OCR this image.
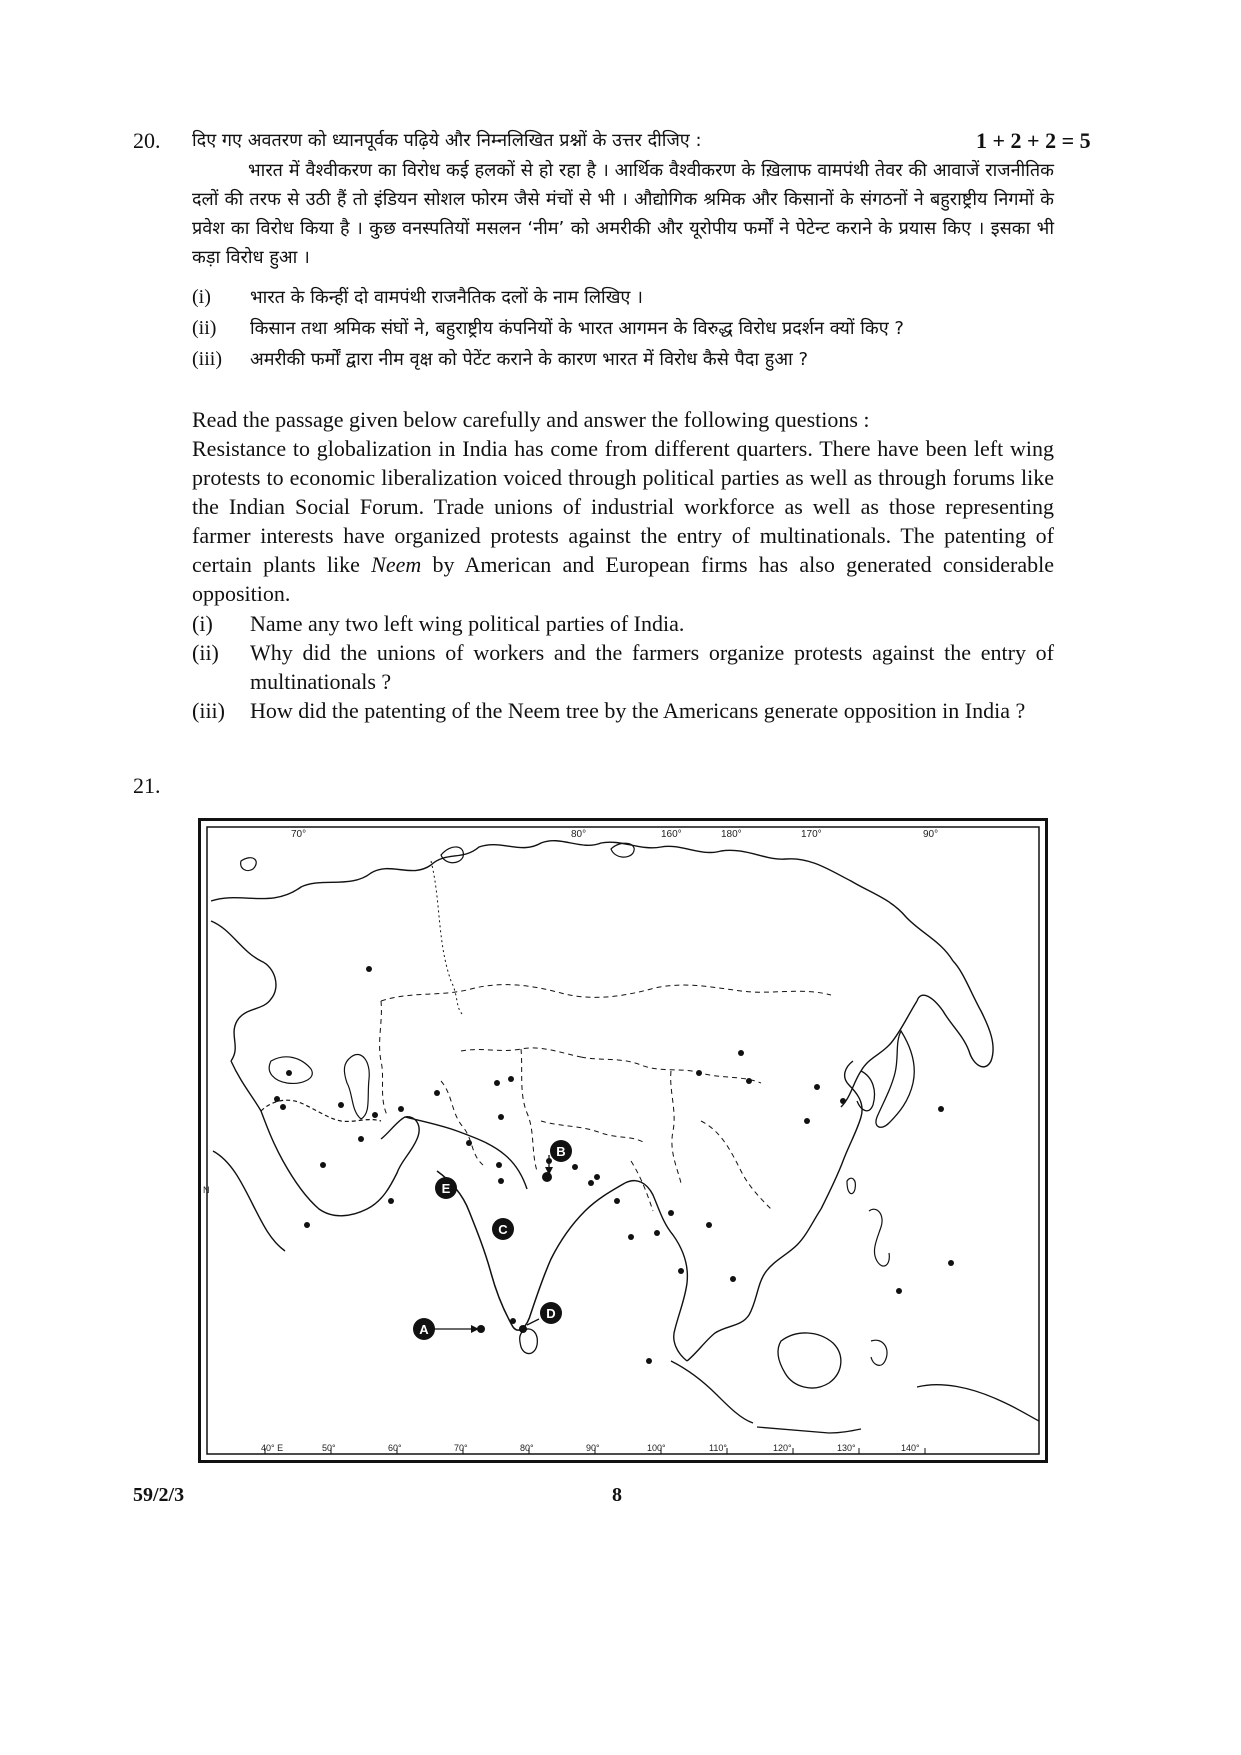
20.	1 + 2 + 2 = 5
दिए गए अवतरण को ध्यानपूर्वक पढ़िये और निम्नलिखित प्रश्नों के उत्तर दीजिए :

भारत में वैश्वीकरण का विरोध कई हलकों से हो रहा है । आर्थिक वैश्वीकरण के ख़िलाफ वामपंथी तेवर की आवाजें राजनीतिक दलों की तरफ से उठी हैं तो इंडियन सोशल फोरम जैसे मंचों से भी । औद्योगिक श्रमिक और किसानों के संगठनों ने बहुराष्ट्रीय निगमों के प्रवेश का विरोध किया है । कुछ वनस्पतियों मसलन ‘नीम’ को अमरीकी और यूरोपीय फर्मों ने पेटेन्ट कराने के प्रयास किए । इसका भी कड़ा विरोध हुआ ।

(i)	भारत के किन्हीं दो वामपंथी राजनैतिक दलों के नाम लिखिए ।
(ii)	किसान तथा श्रमिक संघों ने, बहुराष्ट्रीय कंपनियों के भारत आगमन के विरुद्ध विरोध प्रदर्शन क्यों किए ?
(iii)	अमरीकी फर्मों द्वारा नीम वृक्ष को पेटेंट कराने के कारण भारत में विरोध कैसे पैदा हुआ ?
Read the passage given below carefully and answer the following questions :

Resistance to globalization in India has come from different quarters. There have been left wing protests to economic liberalization voiced through political parties as well as through forums like the Indian Social Forum. Trade unions of industrial workforce as well as those representing farmer interests have organized protests against the entry of multinationals. The patenting of certain plants like Neem by American and European firms has also generated considerable opposition.

(i)	Name any two left wing political parties of India.
(ii)	Why did the unions of workers and the farmers organize protests against the entry of multinationals ?
(iii)	How did the patenting of the Neem tree by the Americans generate opposition in India ?
21.
70°	80°	160°	180°	170°	90°
40° E	50°	60°	70°	80°	90°	100°	110°	120°	130°	140°
N
A
B
C
D
E
59/2/3	8
